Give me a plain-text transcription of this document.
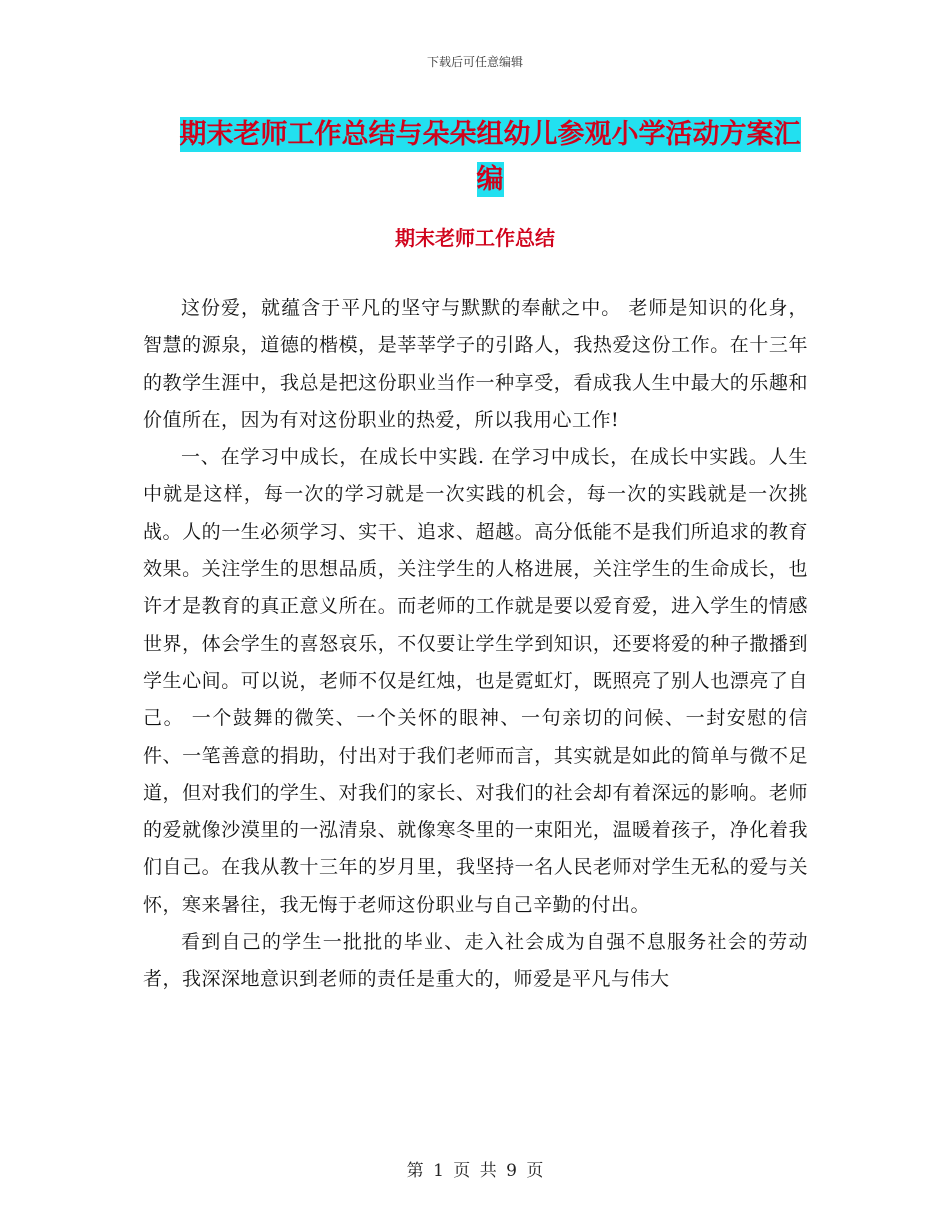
下载后可任意编辑
期末老师工作总结与朵朵组幼儿参观小学活动方案汇编
期末老师工作总结

这份爱，就蕴含于平凡的坚守与默默的奉献之中。 老师是知识的化身，智慧的源泉，道德的楷模，是莘莘学子的引路人，我热爱这份工作。在十三年的教学生涯中，我总是把这份职业当作一种享受，看成我人生中最大的乐趣和价值所在，因为有对这份职业的热爱，所以我用心工作!

一、在学习中成长，在成长中实践. 在学习中成长，在成长中实践。人生中就是这样，每一次的学习就是一次实践的机会，每一次的实践就是一次挑战。人的一生必须学习、实干、追求、超越。高分低能不是我们所追求的教育效果。关注学生的思想品质，关注学生的人格进展，关注学生的生命成长，也许才是教育的真正意义所在。而老师的工作就是要以爱育爱，进入学生的情感世界，体会学生的喜怒哀乐，不仅要让学生学到知识，还要将爱的种子撒播到学生心间。可以说，老师不仅是红烛，也是霓虹灯，既照亮了别人也漂亮了自己。 一个鼓舞的微笑、一个关怀的眼神、一句亲切的问候、一封安慰的信件、一笔善意的捐助，付出对于我们老师而言，其实就是如此的简单与微不足道，但对我们的学生、对我们的家长、对我们的社会却有着深远的影响。老师的爱就像沙漠里的一泓清泉、就像寒冬里的一束阳光，温暖着孩子，净化着我们自己。在我从教十三年的岁月里，我坚持一名人民老师对学生无私的爱与关怀，寒来暑往，我无悔于老师这份职业与自己辛勤的付出。

看到自己的学生一批批的毕业、走入社会成为自强不息服务社会的劳动者，我深深地意识到老师的责任是重大的，师爱是平凡与伟大

第 1 页 共 9 页
